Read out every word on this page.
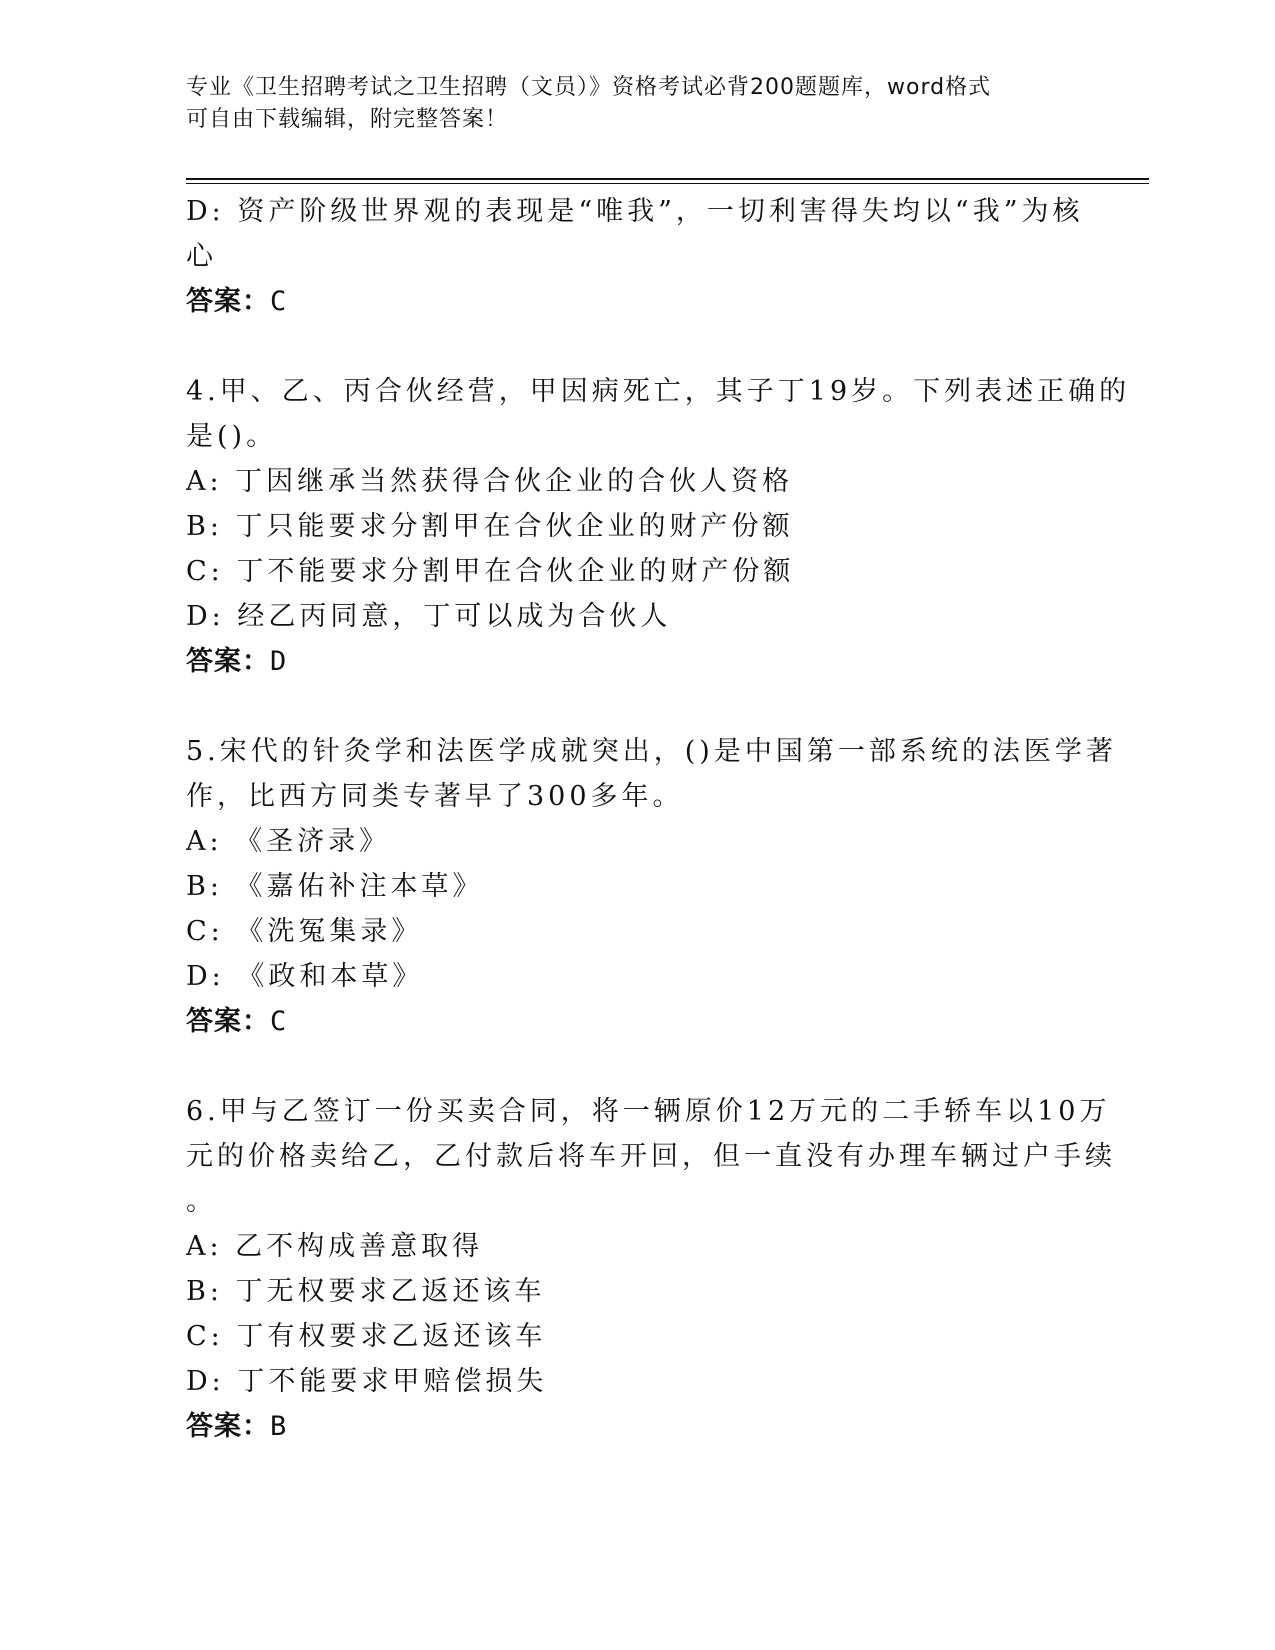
专业《卫生招聘考试之卫生招聘（文员）》资格考试必背200题题库，word格式
可自由下载编辑，附完整答案！
D: 资产阶级世界观的表现是“唯我”，一切利害得失均以“我”为核
心
答案：C
4.甲、乙、丙合伙经营，甲因病死亡，其子丁19岁。下列表述正确的
是()。
A: 丁因继承当然获得合伙企业的合伙人资格
B: 丁只能要求分割甲在合伙企业的财产份额
C: 丁不能要求分割甲在合伙企业的财产份额
D: 经乙丙同意，丁可以成为合伙人
答案：D
5.宋代的针灸学和法医学成就突出，()是中国第一部系统的法医学著
作，比西方同类专著早了300多年。
A: 《圣济录》
B: 《嘉佑补注本草》
C: 《洗冤集录》
D: 《政和本草》
答案：C
6.甲与乙签订一份买卖合同，将一辆原价12万元的二手轿车以10万
元的价格卖给乙，乙付款后将车开回，但一直没有办理车辆过户手续
。
A: 乙不构成善意取得
B: 丁无权要求乙返还该车
C: 丁有权要求乙返还该车
D: 丁不能要求甲赔偿损失
答案：B
